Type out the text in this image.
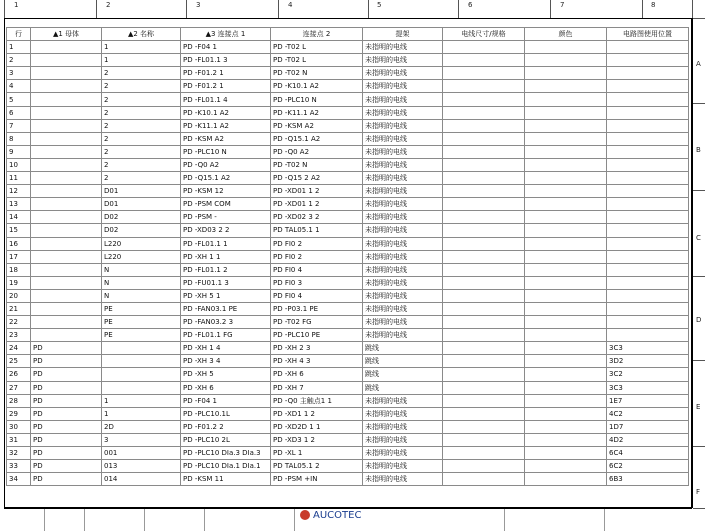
1	2	3	4	5	6	7	8
A
B
C
D
E
F
行	▲1 母体	▲2 名称	▲3 连接点 1	连接点 2	提架	电线尺寸/规格	颜色	电路图使用位置
1		1	PD -F04 1	PD -T02 L	未指明的电线			
2		1	PD -FL01.1 3	PD -T02 L	未指明的电线			
3		2	PD -F01.2 1	PD -T02 N	未指明的电线			
4		2	PD -F01.2 1	PD -K10.1 A2	未指明的电线			
5		2	PD -FL01.1 4	PD -PLC10 N	未指明的电线			
6		2	PD -K10.1 A2	PD -K11.1 A2	未指明的电线			
7		2	PD -K11.1 A2	PD -KSM A2	未指明的电线			
8		2	PD -KSM A2	PD -Q15.1 A2	未指明的电线			
9		2	PD -PLC10 N	PD -Q0 A2	未指明的电线			
10		2	PD -Q0 A2	PD -T02 N	未指明的电线			
11		2	PD -Q15.1 A2	PD -Q15 2 A2	未指明的电线			
12		D01	PD -KSM 12	PD -XD01 1 2	未指明的电线			
13		D01	PD -PSM COM	PD -XD01 1 2	未指明的电线			
14		D02	PD -PSM -	PD -XD02 3 2	未指明的电线			
15		D02	PD -XD03 2 2	PD TAL05.1 1	未指明的电线			
16		L220	PD -FL01.1 1	PD FI0 2	未指明的电线			
17		L220	PD -XH 1 1	PD FI0 2	未指明的电线			
18		N	PD -FL01.1 2	PD FI0 4	未指明的电线			
19		N	PD -FU01.1 3	PD FI0 3	未指明的电线			
20		N	PD -XH 5 1	PD FI0 4	未指明的电线			
21		PE	PD -FAN03.1 PE	PD -P03.1 PE	未指明的电线			
22		PE	PD -FAN03.2 3	PD -T02 FG	未指明的电线			
23		PE	PD -FL01.1 FG	PD -PLC10 PE	未指明的电线			
24	PD		PD -XH 1 4	PD -XH 2 3	跳线			3C3
25	PD		PD -XH 3 4	PD -XH 4 3	跳线			3D2
26	PD		PD -XH 5	PD -XH 6	跳线			3C2
27	PD		PD -XH 6	PD -XH 7	跳线			3C3
28	PD	1	PD -F04 1	PD -Q0 主触点1 1	未指明的电线			1E7
29	PD	1	PD -PLC10.1L	PD -XD1 1 2	未指明的电线			4C2
30	PD	2D	PD -F01.2 2	PD -XD2D 1 1	未指明的电线			1D7
31	PD	3	PD -PLC10 2L	PD -XD3 1 2	未指明的电线			4D2
32	PD	001	PD -PLC10 DIa.3 DIa.3	PD -XL 1	未指明的电线			6C4
33	PD	013	PD -PLC10 DIa.1 DIa.1	PD TAL05.1 2	未指明的电线			6C2
34	PD	014	PD -KSM 11	PD -PSM +IN	未指明的电线			6B3
AUCOTEC
